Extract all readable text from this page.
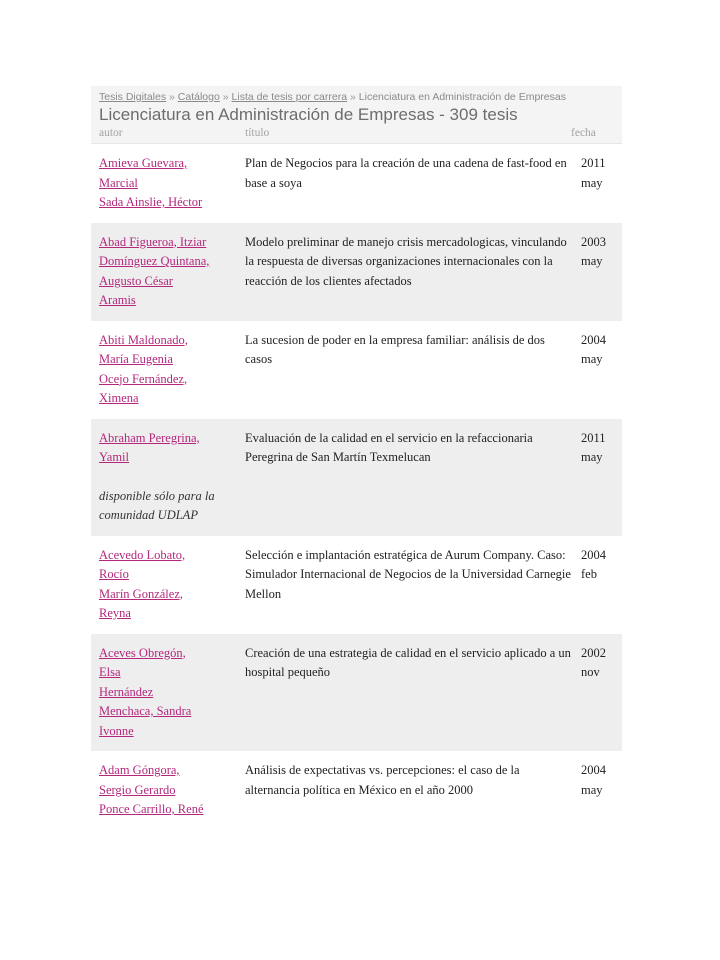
Tesis Digitales » Catálogo » Lista de tesis por carrera » Licenciatura en Administración de Empresas
Licenciatura en Administración de Empresas - 309 tesis
autor	título	fecha
Amieva Guevara,
Marcial
Sada Ainslie, Héctor
Plan de Negocios para la creación de una cadena de fast-food en base a soya
2011
may
Abad Figueroa, Itziar
Domínguez Quintana,
Augusto César
Aramis
Modelo preliminar de manejo crisis mercadologicas, vinculando la respuesta de diversas organizaciones internacionales con la reacción de los clientes afectados
2003
may
Abiti Maldonado,
María Eugenia
Ocejo Fernández,
Ximena
La sucesion de poder en la empresa familiar: análisis de dos casos
2004
may
Abraham Peregrina,
Yamil
disponible sólo para la comunidad UDLAP
Evaluación de la calidad en el servicio en la refaccionaria Peregrina de San Martín Texmelucan
2011
may
Acevedo Lobato,
Rocío
Marín González,
Reyna
Selección e implantación estratégica de Aurum Company. Caso: Simulador Internacional de Negocios de la Universidad Carnegie Mellon
2004
feb
Aceves Obregón,
Elsa
Hernández
Menchaca, Sandra
Ivonne
Creación de una estrategia de calidad en el servicio aplicado a un hospital pequeño
2002
nov
Adam Góngora,
Sergio Gerardo
Ponce Carrillo, René
Análisis de expectativas vs. percepciones: el caso de la alternancia política en México en el año 2000
2004
may
